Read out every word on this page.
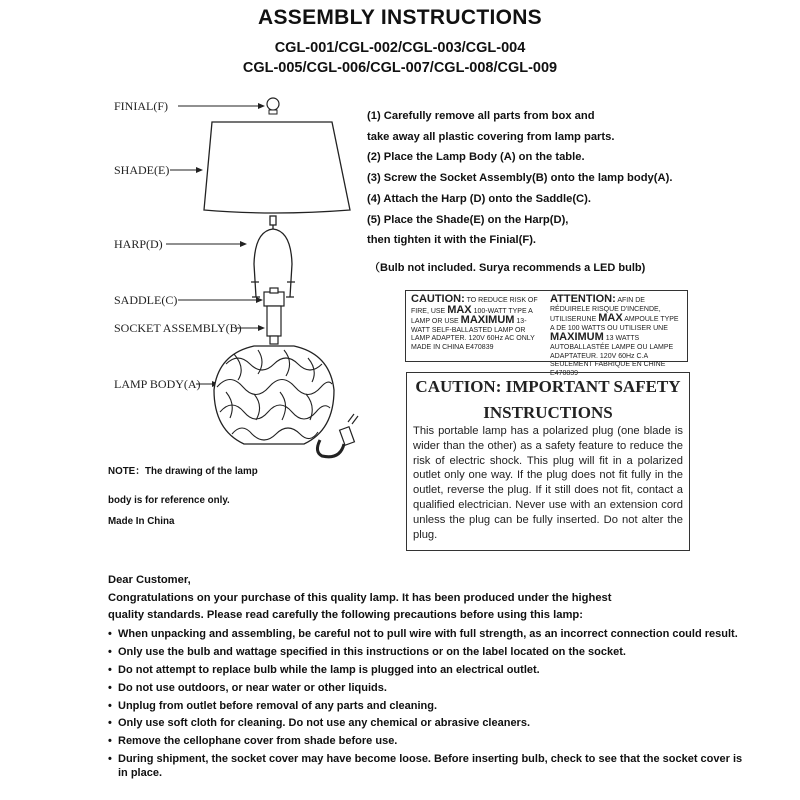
ASSEMBLY INSTRUCTIONS
CGL-001/CGL-002/CGL-003/CGL-004
CGL-005/CGL-006/CGL-007/CGL-008/CGL-009
FINIAL(F)
SHADE(E)
HARP(D)
SADDLE(C)
SOCKET ASSEMBLY(B)
LAMP BODY(A)
(1) Carefully remove all parts from box and
take away all plastic covering from lamp parts.
(2) Place the Lamp Body (A) on the table.
(3) Screw the Socket Assembly(B) onto the lamp body(A).
(4) Attach the Harp (D) onto the Saddle(C).
(5) Place the Shade(E) on the Harp(D),
then tighten it with the Finial(F).
（Bulb not included. Surya recommends a LED bulb)
NOTE：The drawing of the lamp
body is for reference only.
Made In China
CAUTION: TO REDUCE RISK OF FIRE, USE MAX 100-WATT TYPE A LAMP OR USE MAXIMUM 13-WATT SELF-BALLASTED LAMP OR LAMP ADAPTER. 120V 60Hz AC ONLY MADE IN CHINA E470839
ATTENTION: AFIN DE RÉDUIRELE RISQUE D'INCENDE, UTILISERUNE MAX AMPOULE TYPE A DE 100 WATTS OU UTILISER UNE MAXIMUM 13 WATTS AUTOBALLASTÉE LAMPE OU LAMPE ADAPTATEUR. 120V 60Hz C.A SEULEMENT FABRIQUE EN CHINE E470839
CAUTION: IMPORTANT SAFETY
INSTRUCTIONS
This portable lamp has a polarized plug (one blade is wider than the other) as a safety feature to reduce the risk of electric shock. This plug will fit in a polarized outlet only one way. If the plug does not fit fully in the outlet, reverse the plug. If it still does not fit, contact a qualified electrician. Never use with an extension cord unless the plug can be fully inserted. Do not alter the plug.
Dear Customer,
Congratulations on your purchase of this quality lamp. It has been produced under the highest
quality standards. Please read carefully the following precautions before using this lamp:
• When unpacking and assembling, be careful not to pull wire with full strength, as an incorrect connection could result.
• Only use the bulb and wattage specified in this instructions or on the label located on the socket.
• Do not attempt to replace bulb while the lamp is plugged into an electrical outlet.
• Do not use outdoors, or near water or other liquids.
• Unplug from outlet before removal of any parts and cleaning.
• Only use soft cloth for cleaning. Do not use any chemical or abrasive cleaners.
• Remove the cellophane cover from shade before use.
• During shipment, the socket cover may have become loose. Before inserting bulb, check to see that the socket cover is in place.
